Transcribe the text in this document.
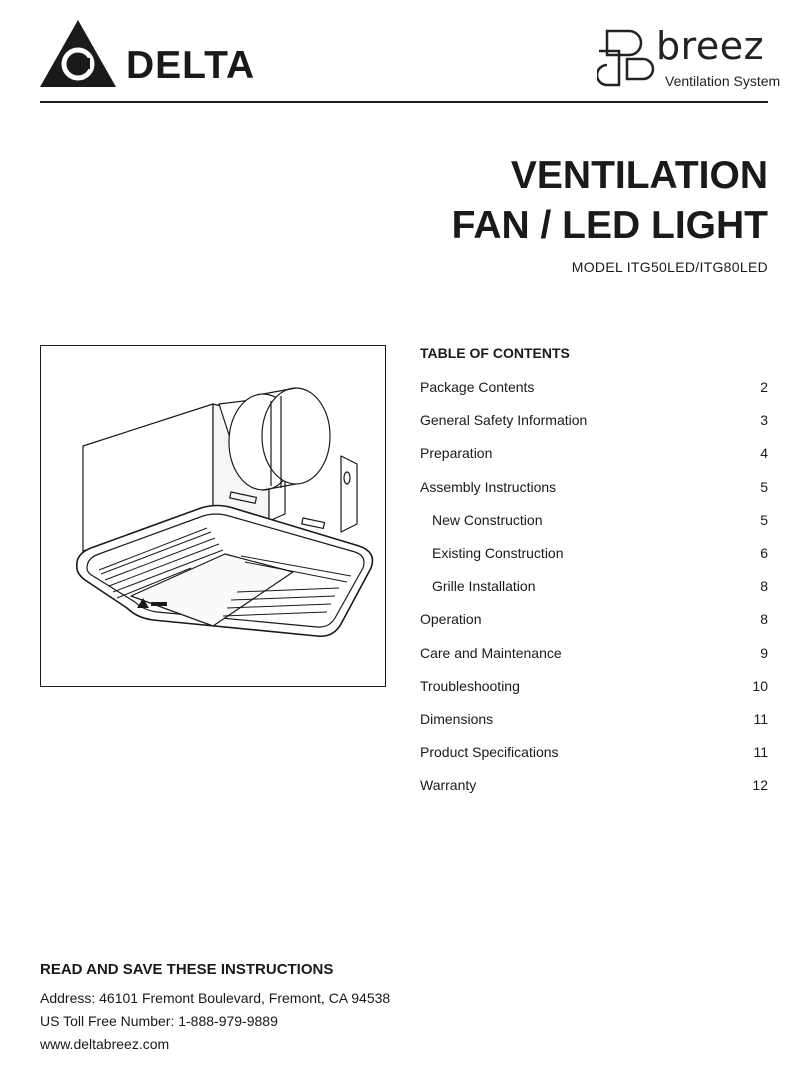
DELTA	breez
Ventilation System
VENTILATION
FAN / LED LIGHT
MODEL ITG50LED/ITG80LED
TABLE OF CONTENTS
Package Contents	2
General Safety Information	3
Preparation	4
Assembly Instructions	5
New Construction	5
Existing Construction	6
Grille Installation	8
Operation	8
Care and Maintenance	9
Troubleshooting	10
Dimensions	11
Product Specifications	11
Warranty	12
READ AND SAVE THESE INSTRUCTIONS
Address: 46101 Fremont Boulevard, Fremont, CA 94538
US Toll Free Number: 1-888-979-9889
www.deltabreez.com
